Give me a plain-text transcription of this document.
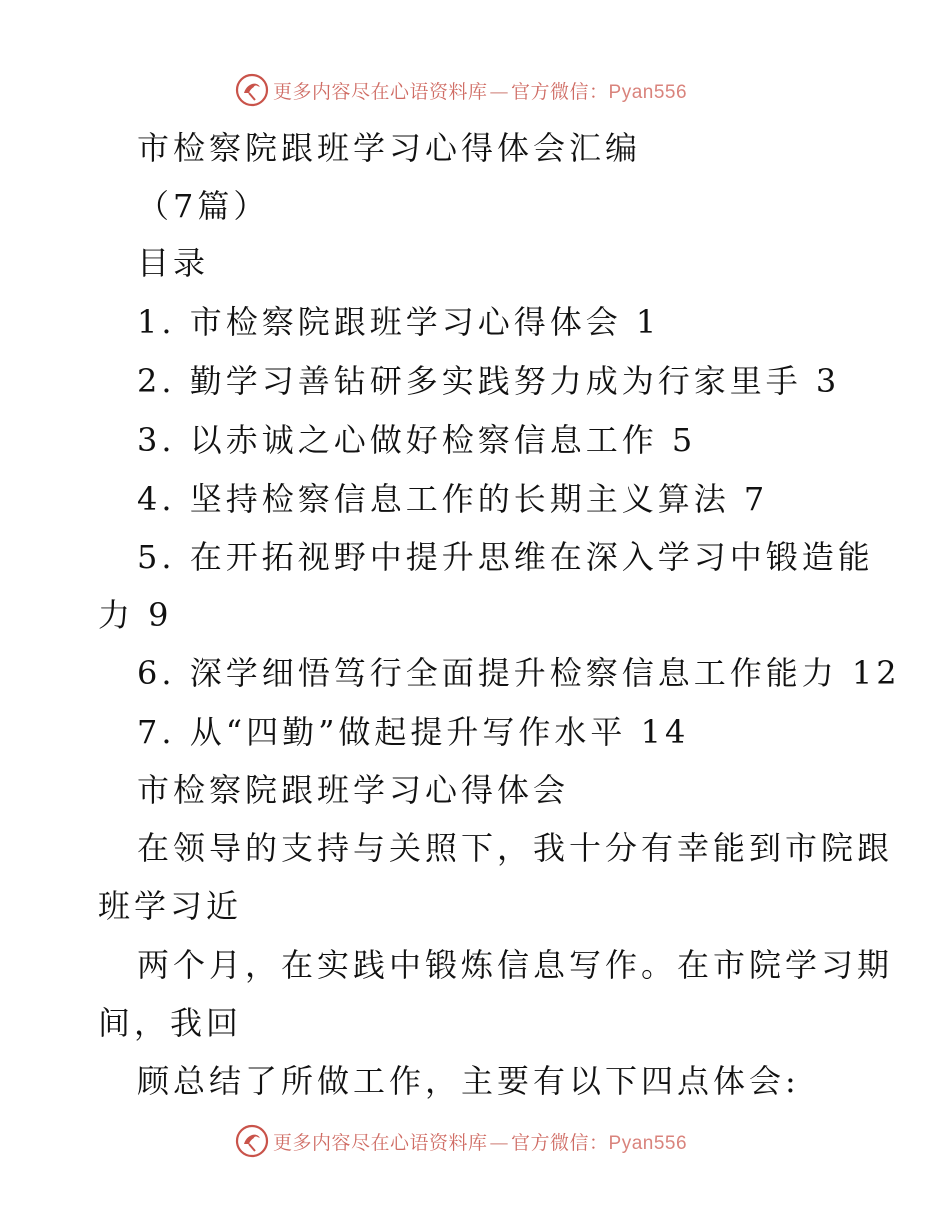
更多内容尽在心语资料库 — 官方微信：Pyan556
市检察院跟班学习心得体会汇编
（7篇）
目录
1. 市检察院跟班学习心得体会 1
2. 勤学习善钻研多实践努力成为行家里手 3
3. 以赤诚之心做好检察信息工作 5
4. 坚持检察信息工作的长期主义算法 7
5. 在开拓视野中提升思维在深入学习中锻造能
力 9
6. 深学细悟笃行全面提升检察信息工作能力 12
7. 从“四勤”做起提升写作水平 14
市检察院跟班学习心得体会
在领导的支持与关照下，我十分有幸能到市院跟
班学习近
两个月，在实践中锻炼信息写作。在市院学习期
间，我回
顾总结了所做工作，主要有以下四点体会:
更多内容尽在心语资料库 — 官方微信：Pyan556
